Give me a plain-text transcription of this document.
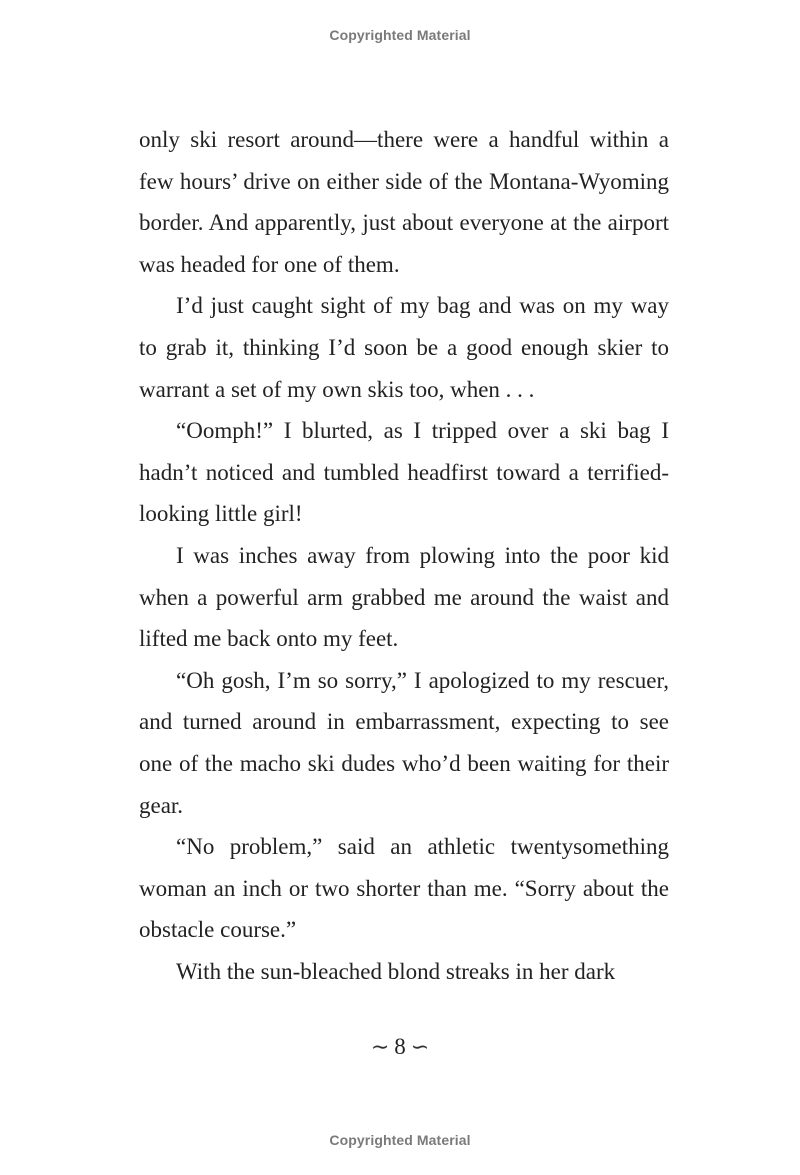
Copyrighted Material

only ski resort around—there were a handful within a few hours’ drive on either side of the Montana-Wyoming border. And apparently, just about everyone at the airport was headed for one of them.

I’d just caught sight of my bag and was on my way to grab it, thinking I’d soon be a good enough skier to warrant a set of my own skis too, when . . .

“Oomph!” I blurted, as I tripped over a ski bag I hadn’t noticed and tumbled headfirst toward a terrified-looking little girl!

I was inches away from plowing into the poor kid when a powerful arm grabbed me around the waist and lifted me back onto my feet.

“Oh gosh, I’m so sorry,” I apologized to my rescuer, and turned around in embarrassment, expecting to see one of the macho ski dudes who’d been waiting for their gear.

“No problem,” said an athletic twentysomething woman an inch or two shorter than me. “Sorry about the obstacle course.”

With the sun-bleached blond streaks in her dark

∼ 8 ∽
Copyrighted Material
